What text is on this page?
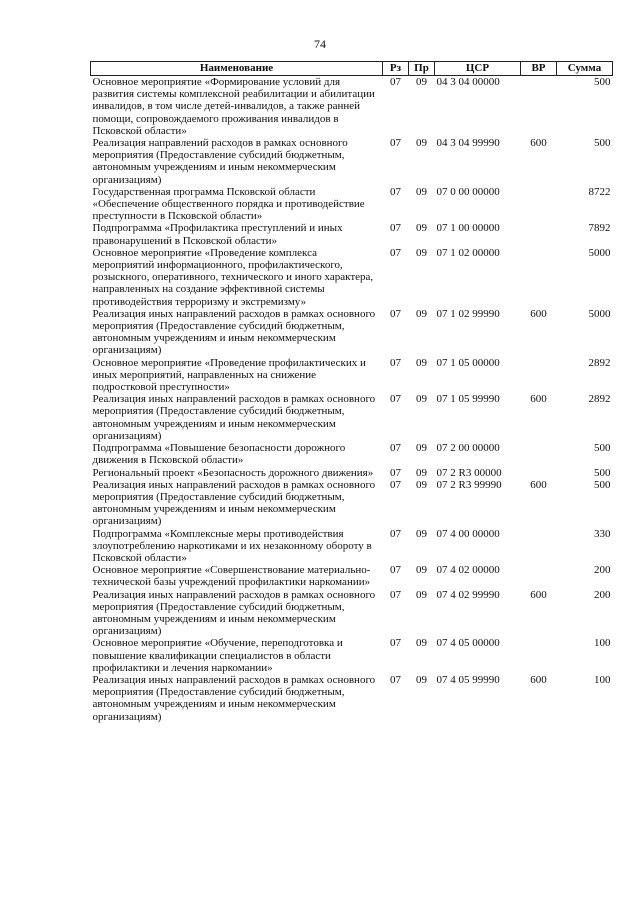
74
Наименование	Рз	Пр	ЦСР	ВР	Сумма
Основное мероприятие «Формирование условий для развития системы комплексной реабилитации и абилитации инвалидов, в том числе детей-инвалидов, а также ранней помощи, сопровождаемого проживания инвалидов в Псковской области»	07	09	04 3 04 00000		500
Реализация направлений расходов в рамках основного мероприятия (Предоставление субсидий бюджетным, автономным учреждениям и иным некоммерческим организациям)	07	09	04 3 04 99990	600	500
Государственная программа Псковской области «Обеспечение общественного порядка и противодействие преступности в Псковской области»	07	09	07 0 00 00000		8722
Подпрограмма «Профилактика преступлений и иных правонарушений в Псковской области»	07	09	07 1 00 00000		7892
Основное мероприятие «Проведение комплекса мероприятий информационного, профилактического, розыскного, оперативного, технического и иного характера, направленных на создание эффективной системы противодействия терроризму и экстремизму»	07	09	07 1 02 00000		5000
Реализация иных направлений расходов в рамках основного мероприятия (Предоставление субсидий бюджетным, автономным учреждениям и иным некоммерческим организациям)	07	09	07 1 02 99990	600	5000
Основное мероприятие «Проведение профилактических и иных мероприятий, направленных на снижение подростковой преступности»	07	09	07 1 05 00000		2892
Реализация иных направлений расходов в рамках основного мероприятия (Предоставление субсидий бюджетным, автономным учреждениям и иным некоммерческим организациям)	07	09	07 1 05 99990	600	2892
Подпрограмма «Повышение безопасности дорожного движения в Псковской области»	07	09	07 2 00 00000		500
Региональный проект «Безопасность дорожного движения»	07	09	07 2 R3 00000		500
Реализация иных направлений расходов в рамках основного мероприятия (Предоставление субсидий бюджетным, автономным учреждениям и иным некоммерческим организациям)	07	09	07 2 R3 99990	600	500
Подпрограмма «Комплексные меры противодействия злоупотреблению наркотиками и их незаконному обороту в Псковской области»	07	09	07 4 00 00000		330
Основное мероприятие «Совершенствование материально-технической базы учреждений профилактики наркомании»	07	09	07 4 02 00000		200
Реализация иных направлений расходов в рамках основного мероприятия (Предоставление субсидий бюджетным, автономным учреждениям и иным некоммерческим организациям)	07	09	07 4 02 99990	600	200
Основное мероприятие «Обучение, переподготовка и повышение квалификации специалистов в области профилактики и лечения наркомании»	07	09	07 4 05 00000		100
Реализация иных направлений расходов в рамках основного мероприятия (Предоставление субсидий бюджетным, автономным учреждениям и иным некоммерческим организациям)	07	09	07 4 05 99990	600	100
